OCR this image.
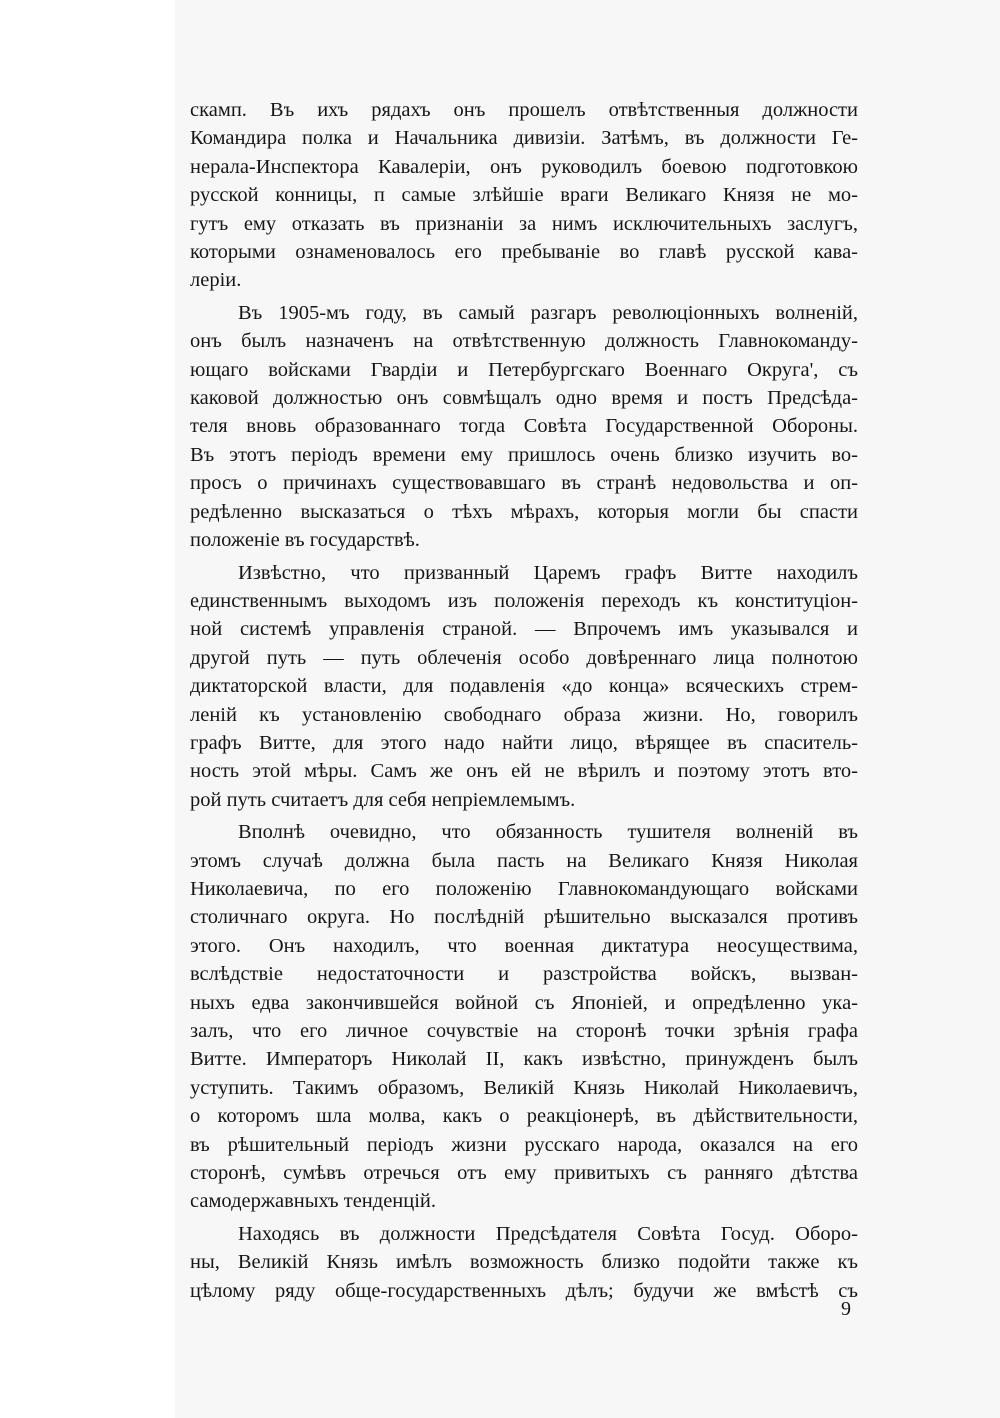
скамп. Въ ихъ рядахъ онъ прошелъ отвѣтственныя должности
Командира полка и Начальника дивизіи. Затѣмъ, въ должности Ге-
нерала-Инспектора Кавалеріи, онъ руководилъ боевою подготовкою
русской конницы, п самые злѣйшіе враги Великаго Князя не мо-
гутъ ему отказать въ признаніи за нимъ исключительныхъ заслугъ,
которыми ознаменовалось его пребываніе во главѣ русской кава-
леріи.
Въ 1905-мъ году, въ самый разгаръ революціонныхъ волненій,
онъ былъ назначенъ на отвѣтственную должность Главнокоманду-
ющаго войсками Гвардіи и Петербургскаго Военнаго Округа', съ
каковой должностью онъ совмѣщалъ одно время и постъ Предсѣда-
теля вновь образованнаго тогда Совѣта Государственной Обороны.
Въ этотъ періодъ времени ему пришлось очень близко изучить во-
просъ о причинахъ существовавшаго въ странѣ недовольства и оп-
редѣленно высказаться о тѣхъ мѣрахъ, которыя могли бы спасти
положеніе въ государствѣ.
Извѣстно, что призванный Царемъ графъ Витте находилъ
единственнымъ выходомъ изъ положенія переходъ къ конституціон-
ной системѣ управленія страной. — Впрочемъ имъ указывался и
другой путь — путь облеченія особо довѣреннаго лица полнотою
диктаторской власти, для подавленія «до конца» всяческихъ стрем-
леній къ установленію свободнаго образа жизни. Но, говорилъ
графъ Витте, для этого надо найти лицо, вѣрящее въ спаситель-
ность этой мѣры. Самъ же онъ ей не вѣрилъ и поэтому этотъ вто-
рой путь считаетъ для себя непріемлемымъ.
Вполнѣ очевидно, что обязанность тушителя волненій въ
этомъ случаѣ должна была пасть на Великаго Князя Николая
Николаевича, по его положенію Главнокомандующаго войсками
столичнаго округа. Но послѣдній рѣшительно высказался противъ
этого. Онъ находилъ, что военная диктатура неосуществима,
вслѣдствіе недостаточности и разстройства войскъ, вызван-
ныхъ едва закончившейся войной съ Японіей, и опредѣленно ука-
залъ, что его личное сочувствіе на сторонѣ точки зрѣнія графа
Витте. Императоръ Николай II, какъ извѣстно, принужденъ былъ
уступить. Такимъ образомъ, Великій Князь Николай Николаевичъ,
о которомъ шла молва, какъ о реакціонерѣ, въ дѣйствительности,
въ рѣшительный періодъ жизни русскаго народа, оказался на его
сторонѣ, сумѣвъ отречься отъ ему привитыхъ съ ранняго дѣтства
самодержавныхъ тенденцій.
Находясь въ должности Предсѣдателя Совѣта Госуд. Оборо-
ны, Великій Князь имѣлъ возможность близко подойти также къ
цѣлому ряду обще-государственныхъ дѣлъ; будучи же вмѣстѣ съ
9
